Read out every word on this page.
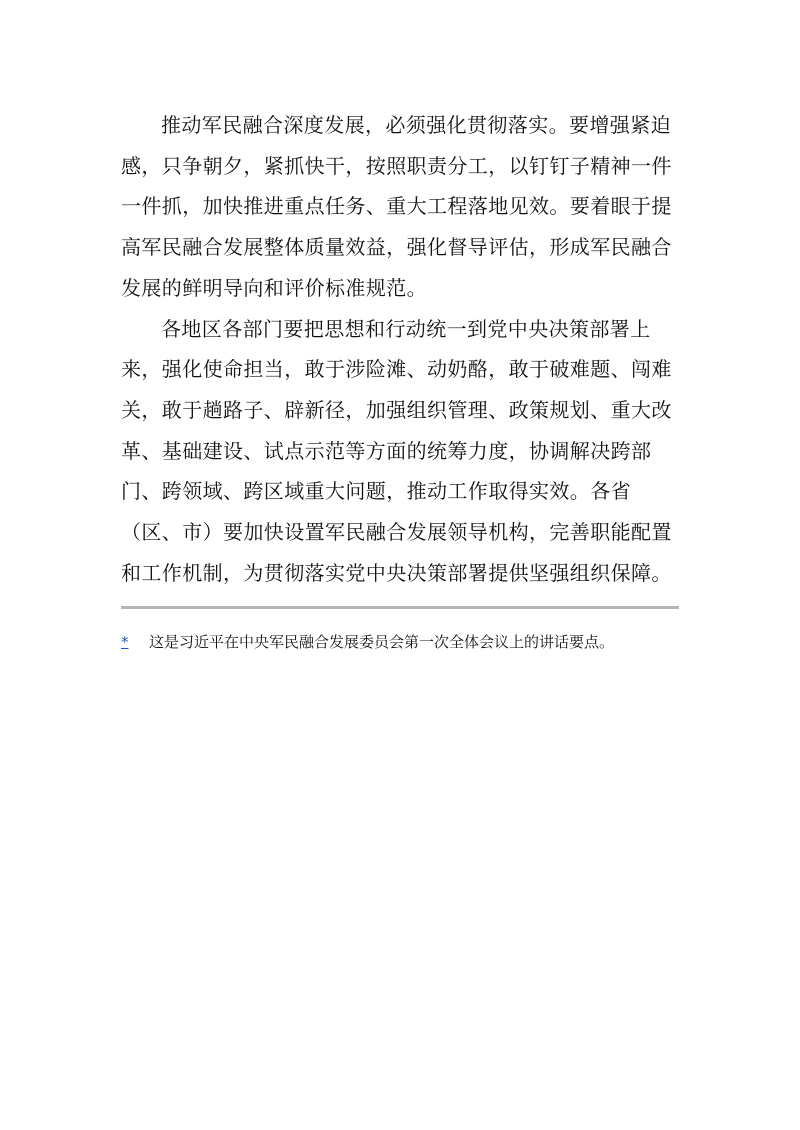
推动军民融合深度发展，必须强化贯彻落实。要增强紧迫感，只争朝夕，紧抓快干，按照职责分工，以钉钉子精神一件一件抓，加快推进重点任务、重大工程落地见效。要着眼于提高军民融合发展整体质量效益，强化督导评估，形成军民融合发展的鲜明导向和评价标准规范。

各地区各部门要把思想和行动统一到党中央决策部署上来，强化使命担当，敢于涉险滩、动奶酪，敢于破难题、闯难关，敢于趟路子、辟新径，加强组织管理、政策规划、重大改革、基础建设、试点示范等方面的统筹力度，协调解决跨部门、跨领域、跨区域重大问题，推动工作取得实效。各省（区、市）要加快设置军民融合发展领导机构，完善职能配置和工作机制，为贯彻落实党中央决策部署提供坚强组织保障。

* 这是习近平在中央军民融合发展委员会第一次全体会议上的讲话要点。
